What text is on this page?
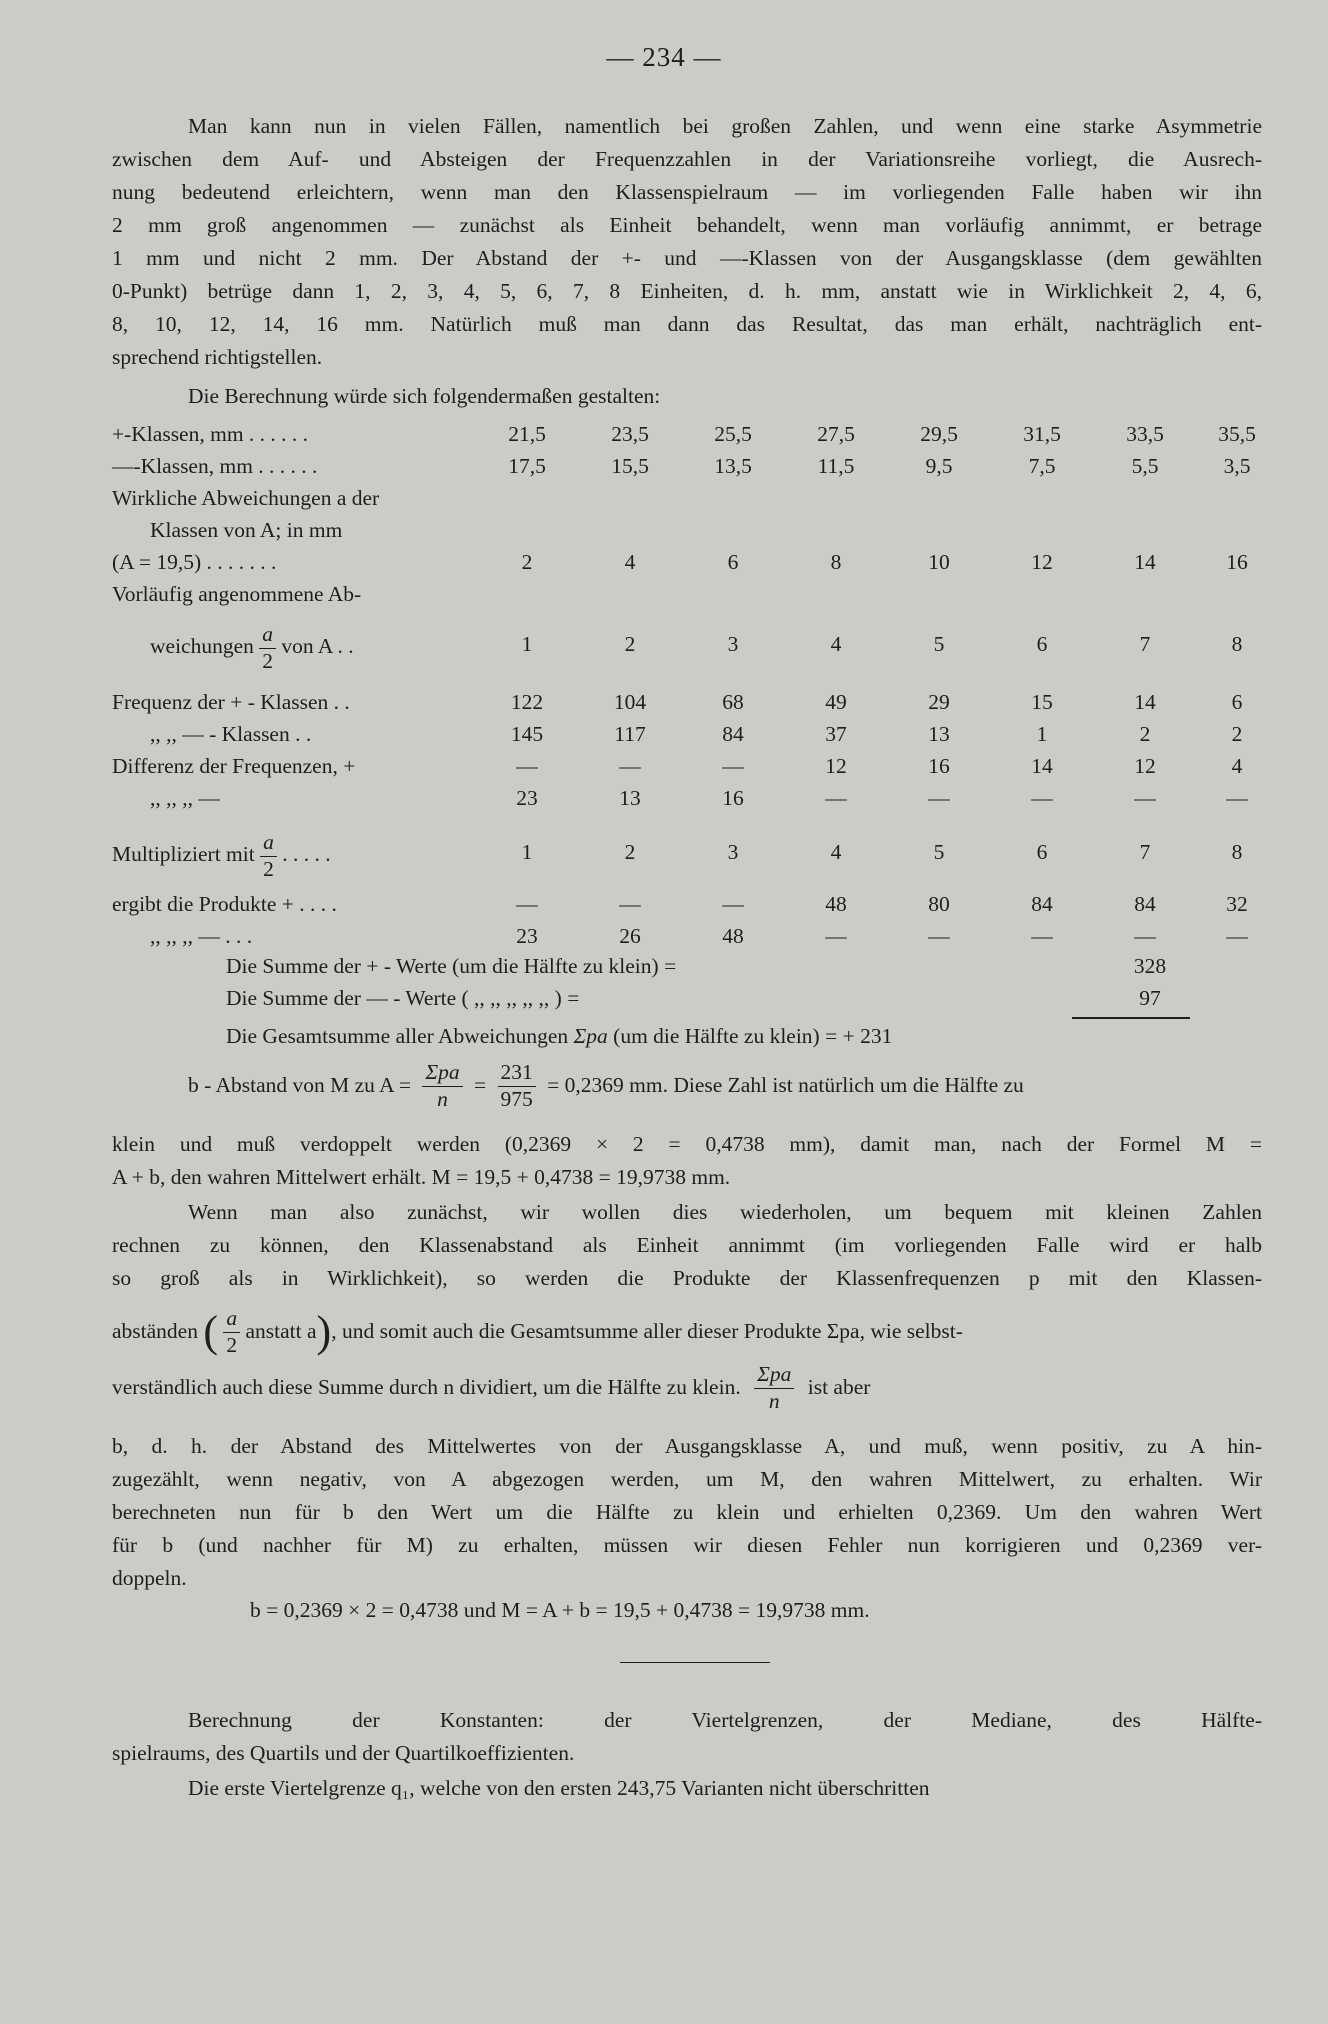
— 234 —
Man kann nun in vielen Fällen, namentlich bei großen Zahlen, und wenn eine starke Asymmetrie
zwischen dem Auf- und Absteigen der Frequenzzahlen in der Variationsreihe vorliegt, die Ausrech-
nung bedeutend erleichtern, wenn man den Klassenspielraum — im vorliegenden Falle haben wir ihn
2 mm groß angenommen — zunächst als Einheit behandelt, wenn man vorläufig annimmt, er betrage
1 mm und nicht 2 mm. Der Abstand der +- und —-Klassen von der Ausgangsklasse (dem gewählten
0-Punkt) betrüge dann 1, 2, 3, 4, 5, 6, 7, 8 Einheiten, d. h. mm, anstatt wie in Wirklichkeit 2, 4, 6,
8, 10, 12, 14, 16 mm. Natürlich muß man dann das Resultat, das man erhält, nachträglich ent-
sprechend richtigstellen.
Die Berechnung würde sich folgendermaßen gestalten:
+-Klassen, mm . . . . . .	21,5	23,5	25,5	27,5	29,5	31,5	33,5	35,5
—-Klassen, mm . . . . . .	17,5	15,5	13,5	11,5	9,5	7,5	5,5	3,5
Wirkliche Abweichungen a der
Klassen von A; in mm
(A = 19,5) . . . . . . .	2	4	6	8	10	12	14	16
Vorläufig angenommene Ab-
weichungen $\frac{a}{2}$ von A . .	1	2	3	4	5	6	7	8
Frequenz der + - Klassen . .	122	104	68	49	29	15	14	6
,, ,, — - Klassen . .	145	117	84	37	13	1	2	2
Differenz der Frequenzen, +	—	—	—	12	16	14	12	4
,, ,, ,, —	23	13	16	—	—	—	—	—
Multipliziert mit $\frac{a}{2}$ . . . . .	1	2	3	4	5	6	7	8
ergibt die Produkte + . . . .	—	—	—	48	80	84	84	32
,, ,, ,, — . . .	23	26	48	—	—	—	—	—
Die Summe der + - Werte (um die Hälfte zu klein) =	328
Die Summe der — - Werte ( ,, ,, ,, ,, ,, ) =	97
Die Gesamtsumme aller Abweichungen Σpa (um die Hälfte zu klein) = + 231
b - Abstand von M zu $A = \frac{\text{Σpa}}{n} = \frac{231}{975} = 0,2369$ mm. Diese Zahl ist natürlich um die Hälfte zu
klein und muß verdoppelt werden (0,2369 × 2 = 0,4738 mm), damit man, nach der Formel M =
A + b, den wahren Mittelwert erhält. M = 19,5 + 0,4738 = 19,9738 mm.
Wenn man also zunächst, wir wollen dies wiederholen, um bequem mit kleinen Zahlen
rechnen zu können, den Klassenabstand als Einheit annimmt (im vorliegenden Falle wird er halb
so groß als in Wirklichkeit), so werden die Produkte der Klassenfrequenzen p mit den Klassen-
abständen ( $\frac{a}{2}$ anstatt a), und somit auch die Gesamtsumme aller dieser Produkte Σpa, wie selbst-
verständlich auch diese Summe durch n dividiert, um die Hälfte zu klein. $\frac{\text{Σpa}}{n}$ ist aber
b, d. h. der Abstand des Mittelwertes von der Ausgangsklasse A, und muß, wenn positiv, zu A hin-
zugezählt, wenn negativ, von A abgezogen werden, um M, den wahren Mittelwert, zu erhalten. Wir
berechneten nun für b den Wert um die Hälfte zu klein und erhielten 0,2369. Um den wahren Wert
für b (und nachher für M) zu erhalten, müssen wir diesen Fehler nun korrigieren und 0,2369 ver-
doppeln.
b = 0,2369 × 2 = 0,4738 und M = A + b = 19,5 + 0,4738 = 19,9738 mm.
Berechnung der Konstanten: der Viertelgrenzen, der Mediane, des Hälfte-
spielraums, des Quartils und der Quartilkoeffizienten.
Die erste Viertelgrenze q₁, welche von den ersten 243,75 Varianten nicht überschritten
